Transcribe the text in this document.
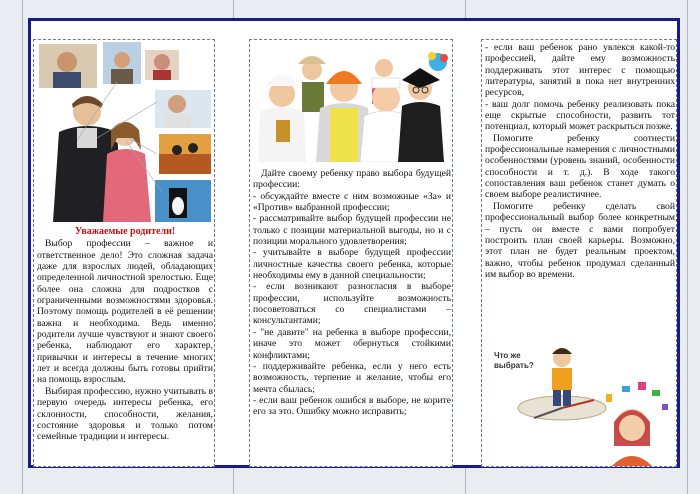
Уважаемые родители!

Выбор профессии – важное и ответственное дело! Это сложная задача даже для взрослых людей, обладающих определенной личностной зрелостью. Еще более она сложна для подростков с ограниченными возможностями здоровья. Поэтому помощь родителей в её решении важна и необходима. Ведь именно родители лучше чувствуют и знают своего ребенка, наблюдают его характер, привычки и интересы в течение многих лет и всегда должны быть готовы прийти на помощь взрослым.

Выбирая профессию, нужно учитывать в первую очередь интересы ребенка, его склонности, способности, желания, состояние здоровья и только потом семейные традиции и интересы.

Дайте своему ребенку право выбора будущей профессии:

- обсуждайте вместе с ним возможные «За» и «Против» выбранной профессии;
- рассматривайте выбор будущей профессии не только с позиции материальной выгоды, но и с позиции морального удовлетворения;
- учитывайте в выборе будущей профессии личностные качества своего ребенка, которые необходимы ему в данной специальности;
- если возникают разногласия в выборе профессии, используйте возможность посоветоваться со специалистами – консультантами;
- "не давите" на ребенка в выборе профессии, иначе это может обернуться стойкими конфликтами;
- поддерживайте ребенка, если у него есть возможность, терпение и желание, чтобы его мечта сбылась;
- если ваш ребенок ошибся в выборе, не корите его за это. Ошибку можно исправить;
- если ваш ребенок рано увлекся какой-то профессией, дайте ему возможность поддерживать этот интерес с помощью литературы, занятий в пока нет внутренних ресурсов,
- ваш долг помочь ребенку реализовать пока еще скрытые способности, развить тот потенциал, который может раскрыться позже.

Помогите ребенку соотнести профессиональные намерения с личностными особенностями (уровень знаний, особенности способности и т. д.). В ходе такого сопоставления ваш ребенок станет думать о своем выборе реалистичнее.

Помогите ребенку сделать свой профессиональный выбор более конкретным – пусть он вместе с вами попробует построить план своей карьеры. Возможно, этот план не будет реальным проектом, важно, чтобы ребенок продумал сделанный им выбор во времени.

Что же
выбрать?
